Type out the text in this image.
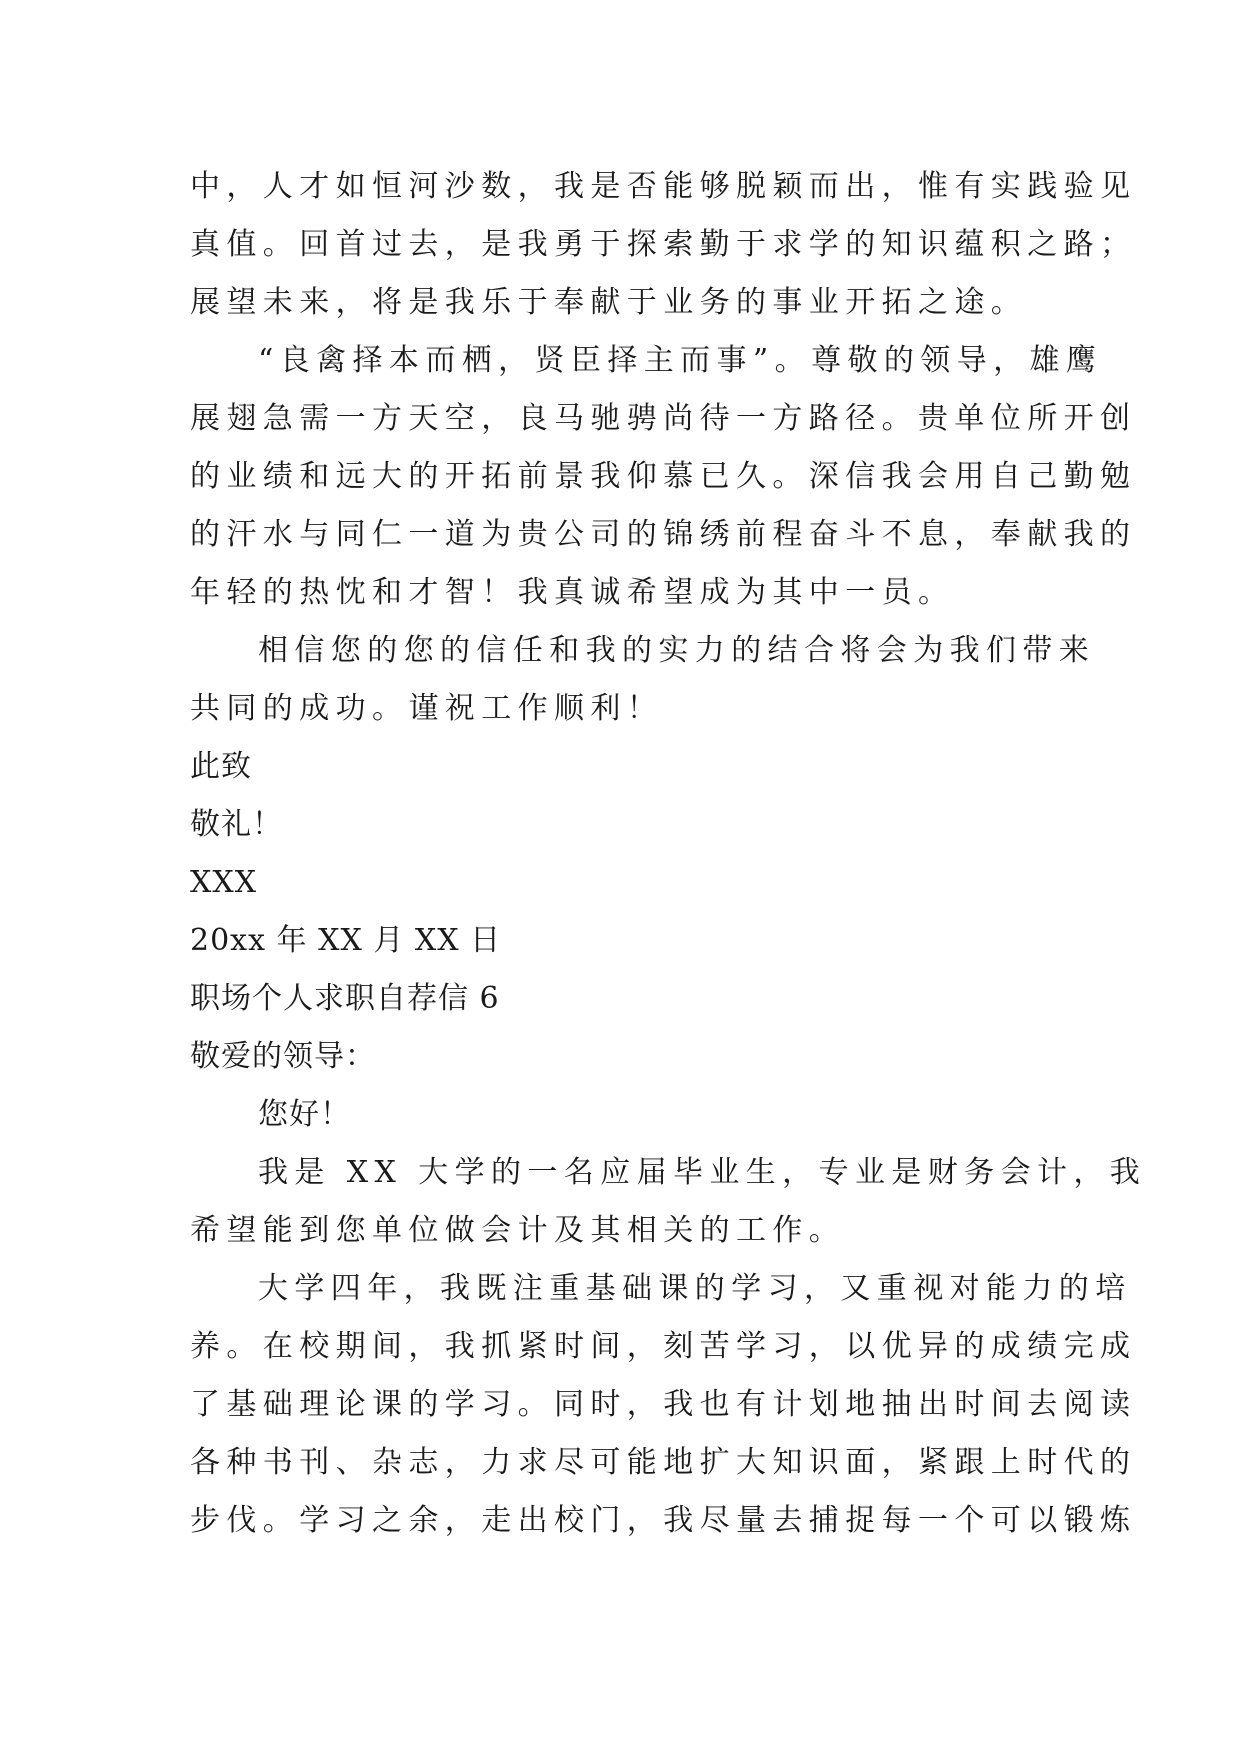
中，人才如恒河沙数，我是否能够脱颖而出，惟有实践验见
真值。回首过去，是我勇于探索勤于求学的知识蕴积之路；
展望未来，将是我乐于奉献于业务的事业开拓之途。
“良禽择本而栖，贤臣择主而事”。尊敬的领导，雄鹰
展翅急需一方天空，良马驰骋尚待一方路径。贵单位所开创
的业绩和远大的开拓前景我仰慕已久。深信我会用自己勤勉
的汗水与同仁一道为贵公司的锦绣前程奋斗不息，奉献我的
年轻的热忱和才智！我真诚希望成为其中一员。
相信您的您的信任和我的实力的结合将会为我们带来
共同的成功。谨祝工作顺利！
此致
敬礼！
XXX
20xx 年 XX 月 XX 日
职场个人求职自荐信 6
敬爱的领导：
您好！
我是 XX 大学的一名应届毕业生，专业是财务会计，我
希望能到您单位做会计及其相关的工作。
大学四年，我既注重基础课的学习，又重视对能力的培
养。在校期间，我抓紧时间，刻苦学习，以优异的成绩完成
了基础理论课的学习。同时，我也有计划地抽出时间去阅读
各种书刊、杂志，力求尽可能地扩大知识面，紧跟上时代的
步伐。学习之余，走出校门，我尽量去捕捉每一个可以锻炼
